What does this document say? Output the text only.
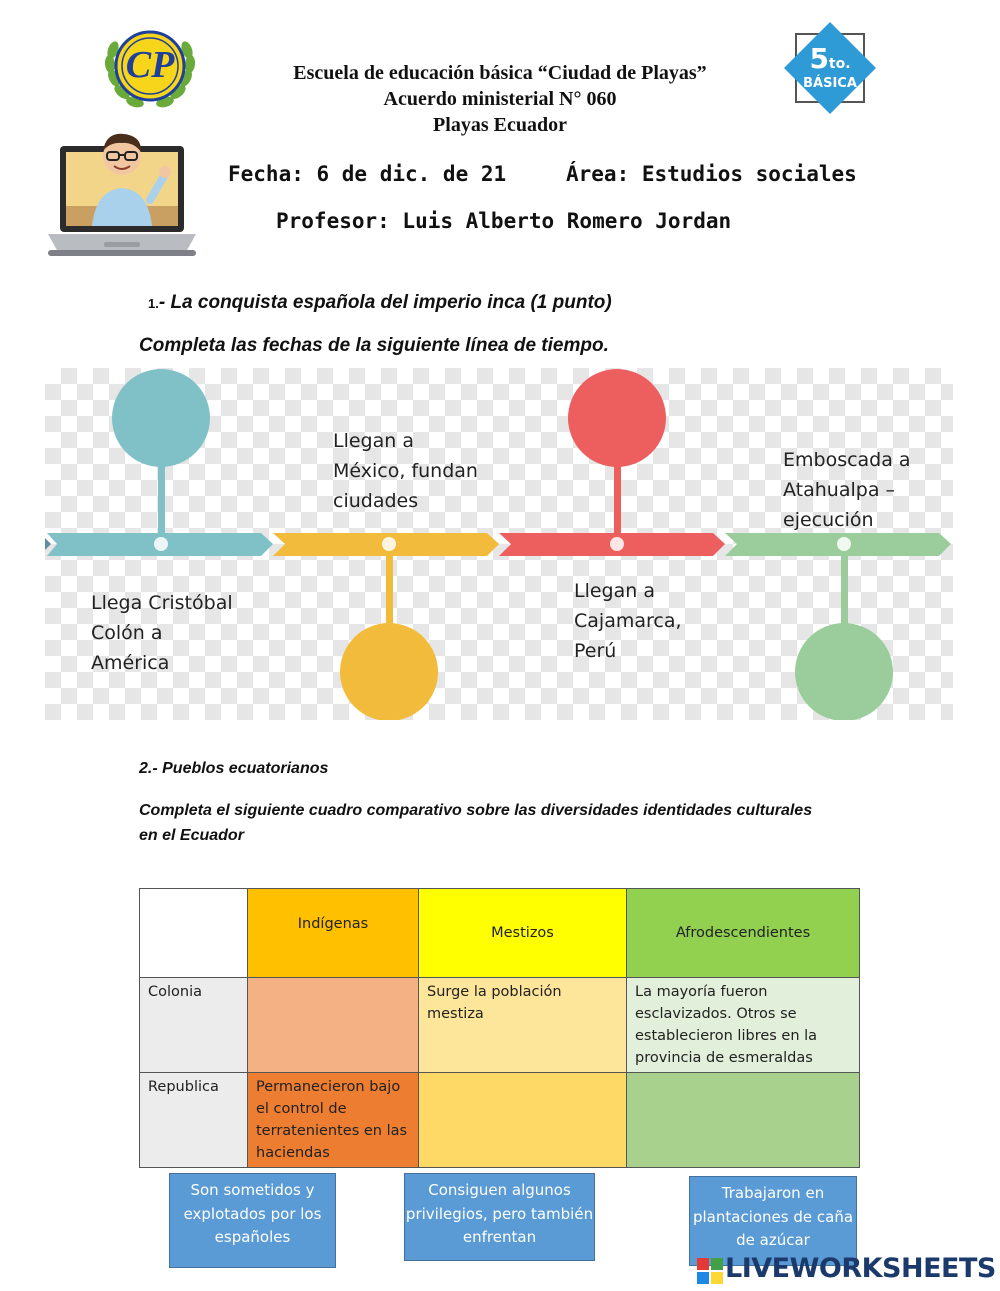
CP	Escuela de educación básica “Ciudad de Playas”
Acuerdo ministerial N° 060
Playas Ecuador
5to.
BÁSICA
Fecha: 6 de dic. de 21	Área: Estudios sociales
Profesor: Luis Alberto Romero Jordan
1.- La conquista española del imperio inca (1 punto)
Completa las fechas de la siguiente línea de tiempo.
Llega Cristóbal
Colón a
América
Llegan a
México, fundan
ciudades
Llegan a
Cajamarca,
Perú
Emboscada a
Atahualpa –
ejecución
2.- Pueblos ecuatorianos
Completa el siguiente cuadro comparativo sobre las diversidades identidades culturales
en el Ecuador
	Indígenas	Mestizos	Afrodescendientes
Colonia		Surge la población mestiza	La mayoría fueron esclavizados. Otros se establecieron libres en la provincia de esmeraldas
Republica	Permanecieron bajo el control de terratenientes en las haciendas		
Son sometidos y explotados por los españoles
Consiguen algunos privilegios, pero también enfrentan
Trabajaron en plantaciones de caña de azúcar
LIVEWORKSHEETS
